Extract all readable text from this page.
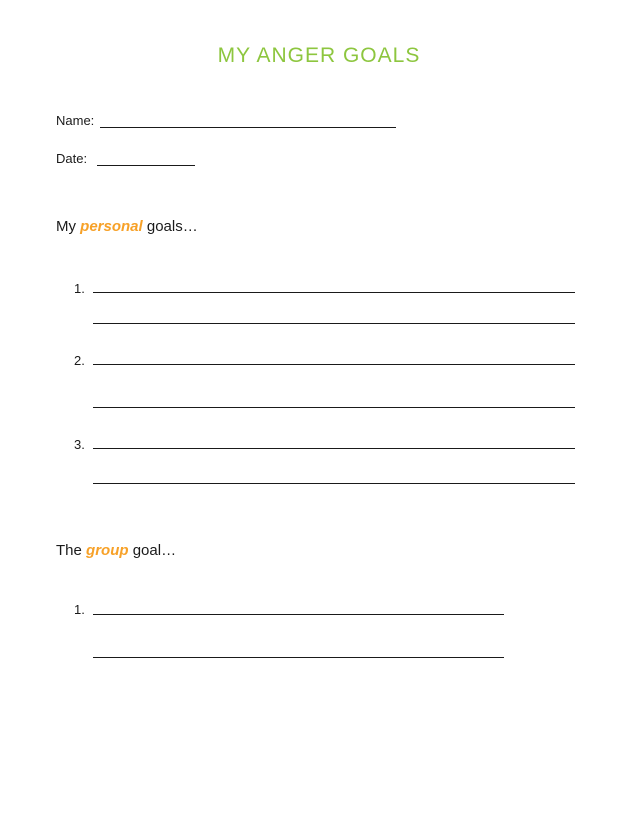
MY ANGER GOALS
Name:
Date:
My personal goals…
1.
2.
3.
The group goal…
1.
